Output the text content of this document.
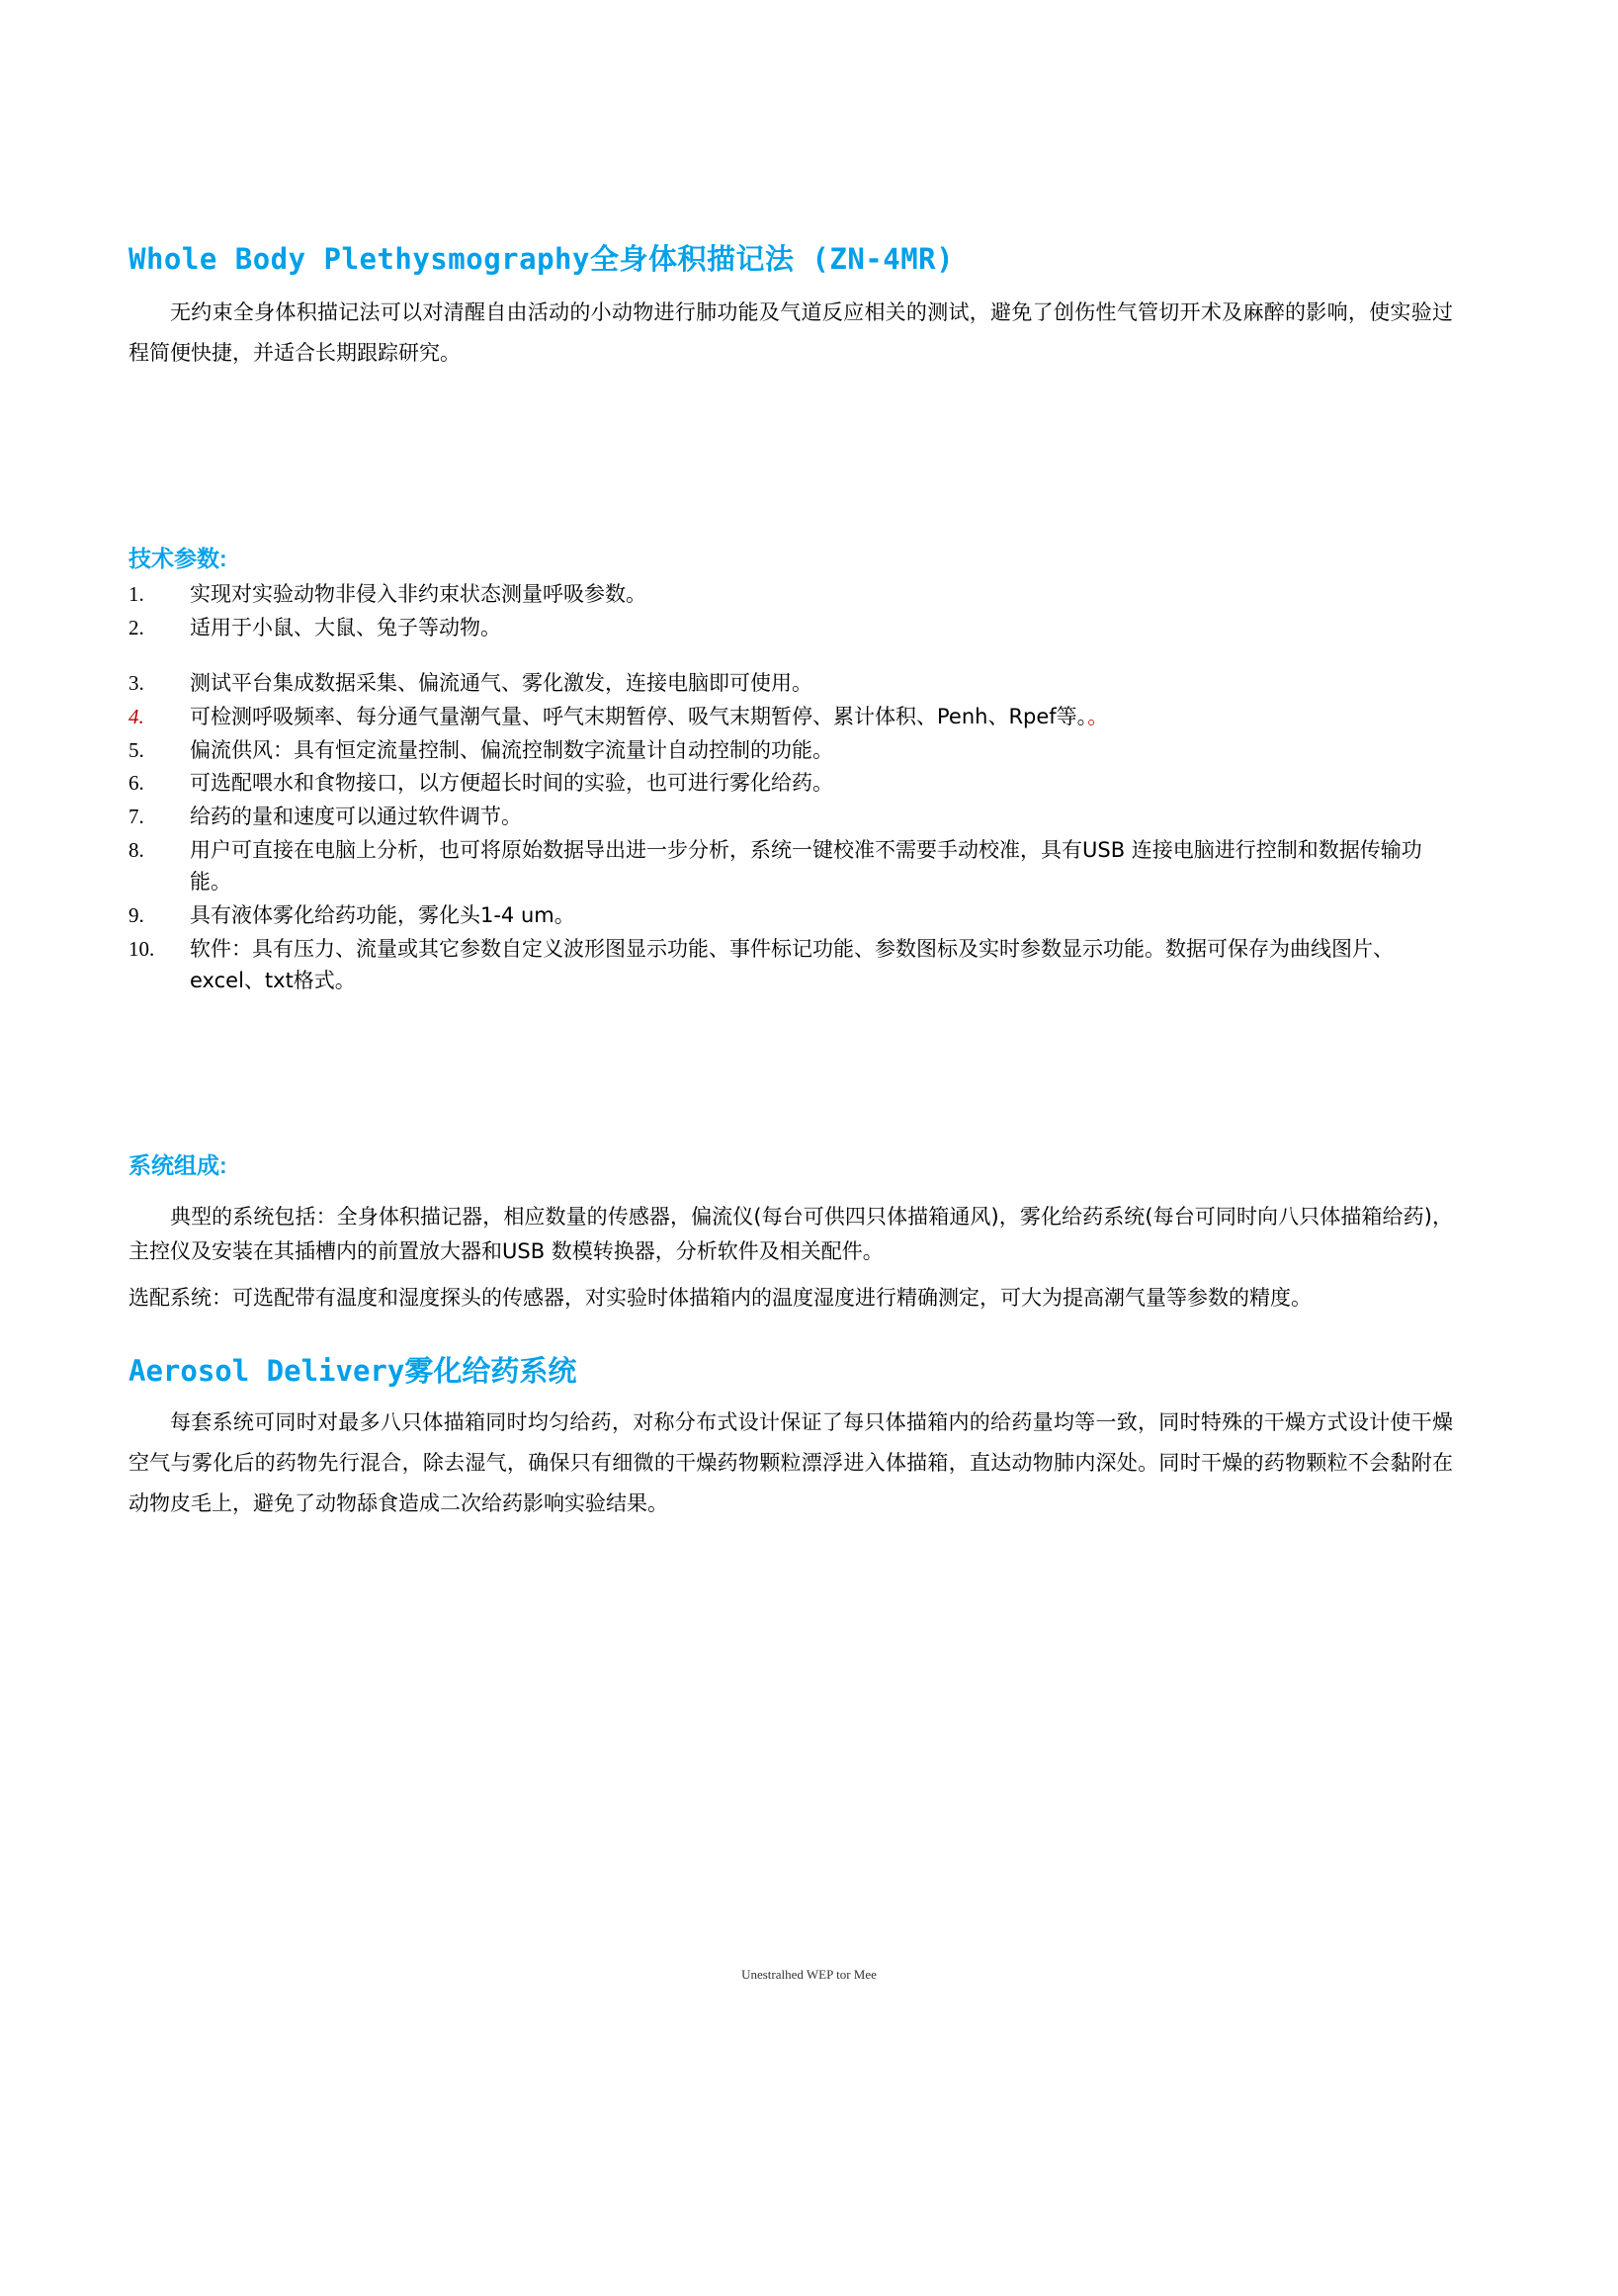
Whole Body Plethysmography全身体积描记法 (ZN-4MR)

无约束全身体积描记法可以对清醒自由活动的小动物进行肺功能及气道反应相关的测试，避免了创伤性气管切开术及麻醉的影响，使实验过程简便快捷，并适合长期跟踪研究。

技术参数:
1.	实现对实验动物非侵入非约束状态测量呼吸参数。
2.	适用于小鼠、大鼠、兔子等动物。
3.	测试平台集成数据采集、偏流通气、雾化激发，连接电脑即可使用。
4.	可检测呼吸频率、每分通气量潮气量、呼气末期暂停、吸气末期暂停、累计体积、Penh、Rpef等。。
5.	偏流供风：具有恒定流量控制、偏流控制数字流量计自动控制的功能。
6.	可选配喂水和食物接口，以方便超长时间的实验，也可进行雾化给药。
7.	给药的量和速度可以通过软件调节。
8.	用户可直接在电脑上分析，也可将原始数据导出进一步分析，系统一键校准不需要手动校准，具有USB 连接电脑进行控制和数据传输功能。
9.	具有液体雾化给药功能，雾化头1-4 um。
10.	软件：具有压力、流量或其它参数自定义波形图显示功能、事件标记功能、参数图标及实时参数显示功能。数据可保存为曲线图片、excel、txt格式。
系统组成:

典型的系统包括：全身体积描记器，相应数量的传感器，偏流仪(每台可供四只体描箱通风)，雾化给药系统(每台可同时向八只体描箱给药)，主控仪及安装在其插槽内的前置放大器和USB 数模转换器，分析软件及相关配件。

选配系统：可选配带有温度和湿度探头的传感器，对实验时体描箱内的温度湿度进行精确测定，可大为提高潮气量等参数的精度。

Aerosol Delivery雾化给药系统

每套系统可同时对最多八只体描箱同时均匀给药，对称分布式设计保证了每只体描箱内的给药量均等一致，同时特殊的干燥方式设计使干燥空气与雾化后的药物先行混合，除去湿气，确保只有细微的干燥药物颗粒漂浮进入体描箱，直达动物肺内深处。同时干燥的药物颗粒不会黏附在动物皮毛上，避免了动物舔食造成二次给药影响实验结果。

Unestralhed WEP tor Mee
